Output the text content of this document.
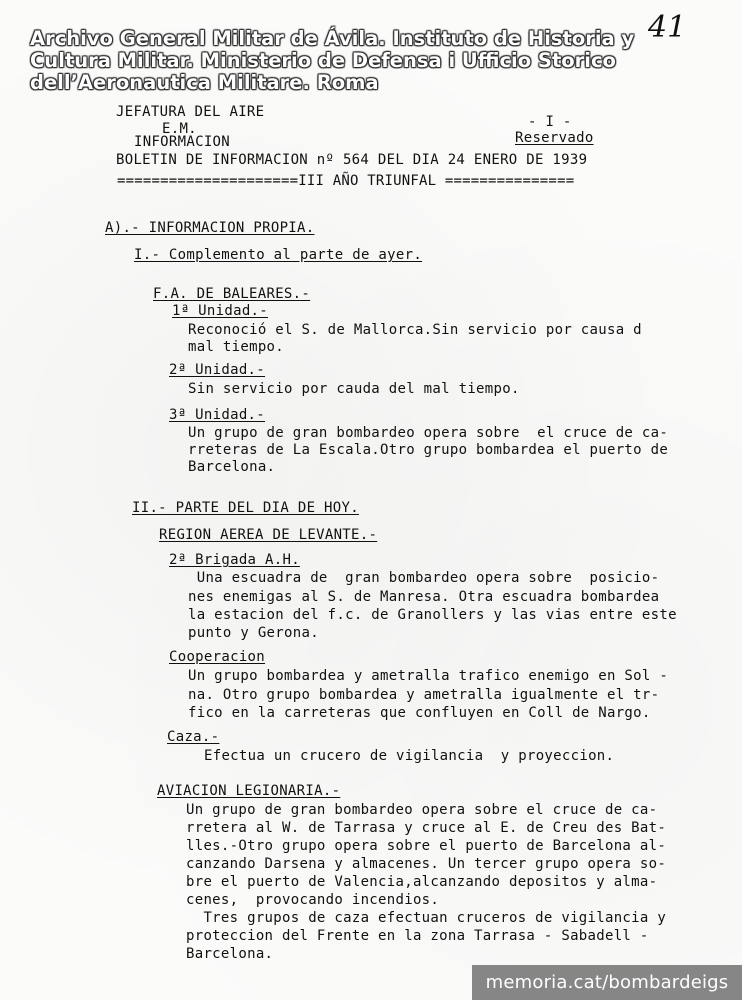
Archivo General Militar de Ávila. Instituto de Historia y
Cultura Militar. Ministerio de Defensa i Ufficio Storico
dell’Aeronautica Militare. Roma
41
JEFATURA DEL AIRE
E.M.
INFORMACION
- I -
Reservado
BOLETIN DE INFORMACION nº 564 DEL DIA 24 ENERO DE 1939
=====================III AÑO TRIUNFAL ===============
A).- INFORMACION PROPIA.
I.- Complemento al parte de ayer.
F.A. DE BALEARES.-
1ª Unidad.-
Reconoció el S. de Mallorca.Sin servicio por causa d
mal tiempo.
2ª Unidad.-
Sin servicio por cauda del mal tiempo.
3ª Unidad.-
Un grupo de gran bombardeo opera sobre  el cruce de ca-
rreteras de La Escala.Otro grupo bombardea el puerto de
Barcelona.
II.- PARTE DEL DIA DE HOY.
REGION AEREA DE LEVANTE.-
2ª Brigada A.H.
Una escuadra de  gran bombardeo opera sobre  posicio-
nes enemigas al S. de Manresa. Otra escuadra bombardea
la estacion del f.c. de Granollers y las vias entre este
punto y Gerona.
Cooperacion
Un grupo bombardea y ametralla trafico enemigo en Sol -
na. Otro grupo bombardea y ametralla igualmente el tr-
fico en la carreteras que confluyen en Coll de Nargo.
Caza.-
Efectua un crucero de vigilancia  y proyeccion.
AVIACION LEGIONARIA.-
Un grupo de gran bombardeo opera sobre el cruce de ca-
rretera al W. de Tarrasa y cruce al E. de Creu des Bat-
lles.-Otro grupo opera sobre el puerto de Barcelona al-
canzando Darsena y almacenes. Un tercer grupo opera so-
bre el puerto de Valencia,alcanzando depositos y alma-
cenes,  provocando incendios.
Tres grupos de caza efectuan cruceros de vigilancia y
proteccion del Frente en la zona Tarrasa - Sabadell -
Barcelona.
memoria.cat/bombardeigs
